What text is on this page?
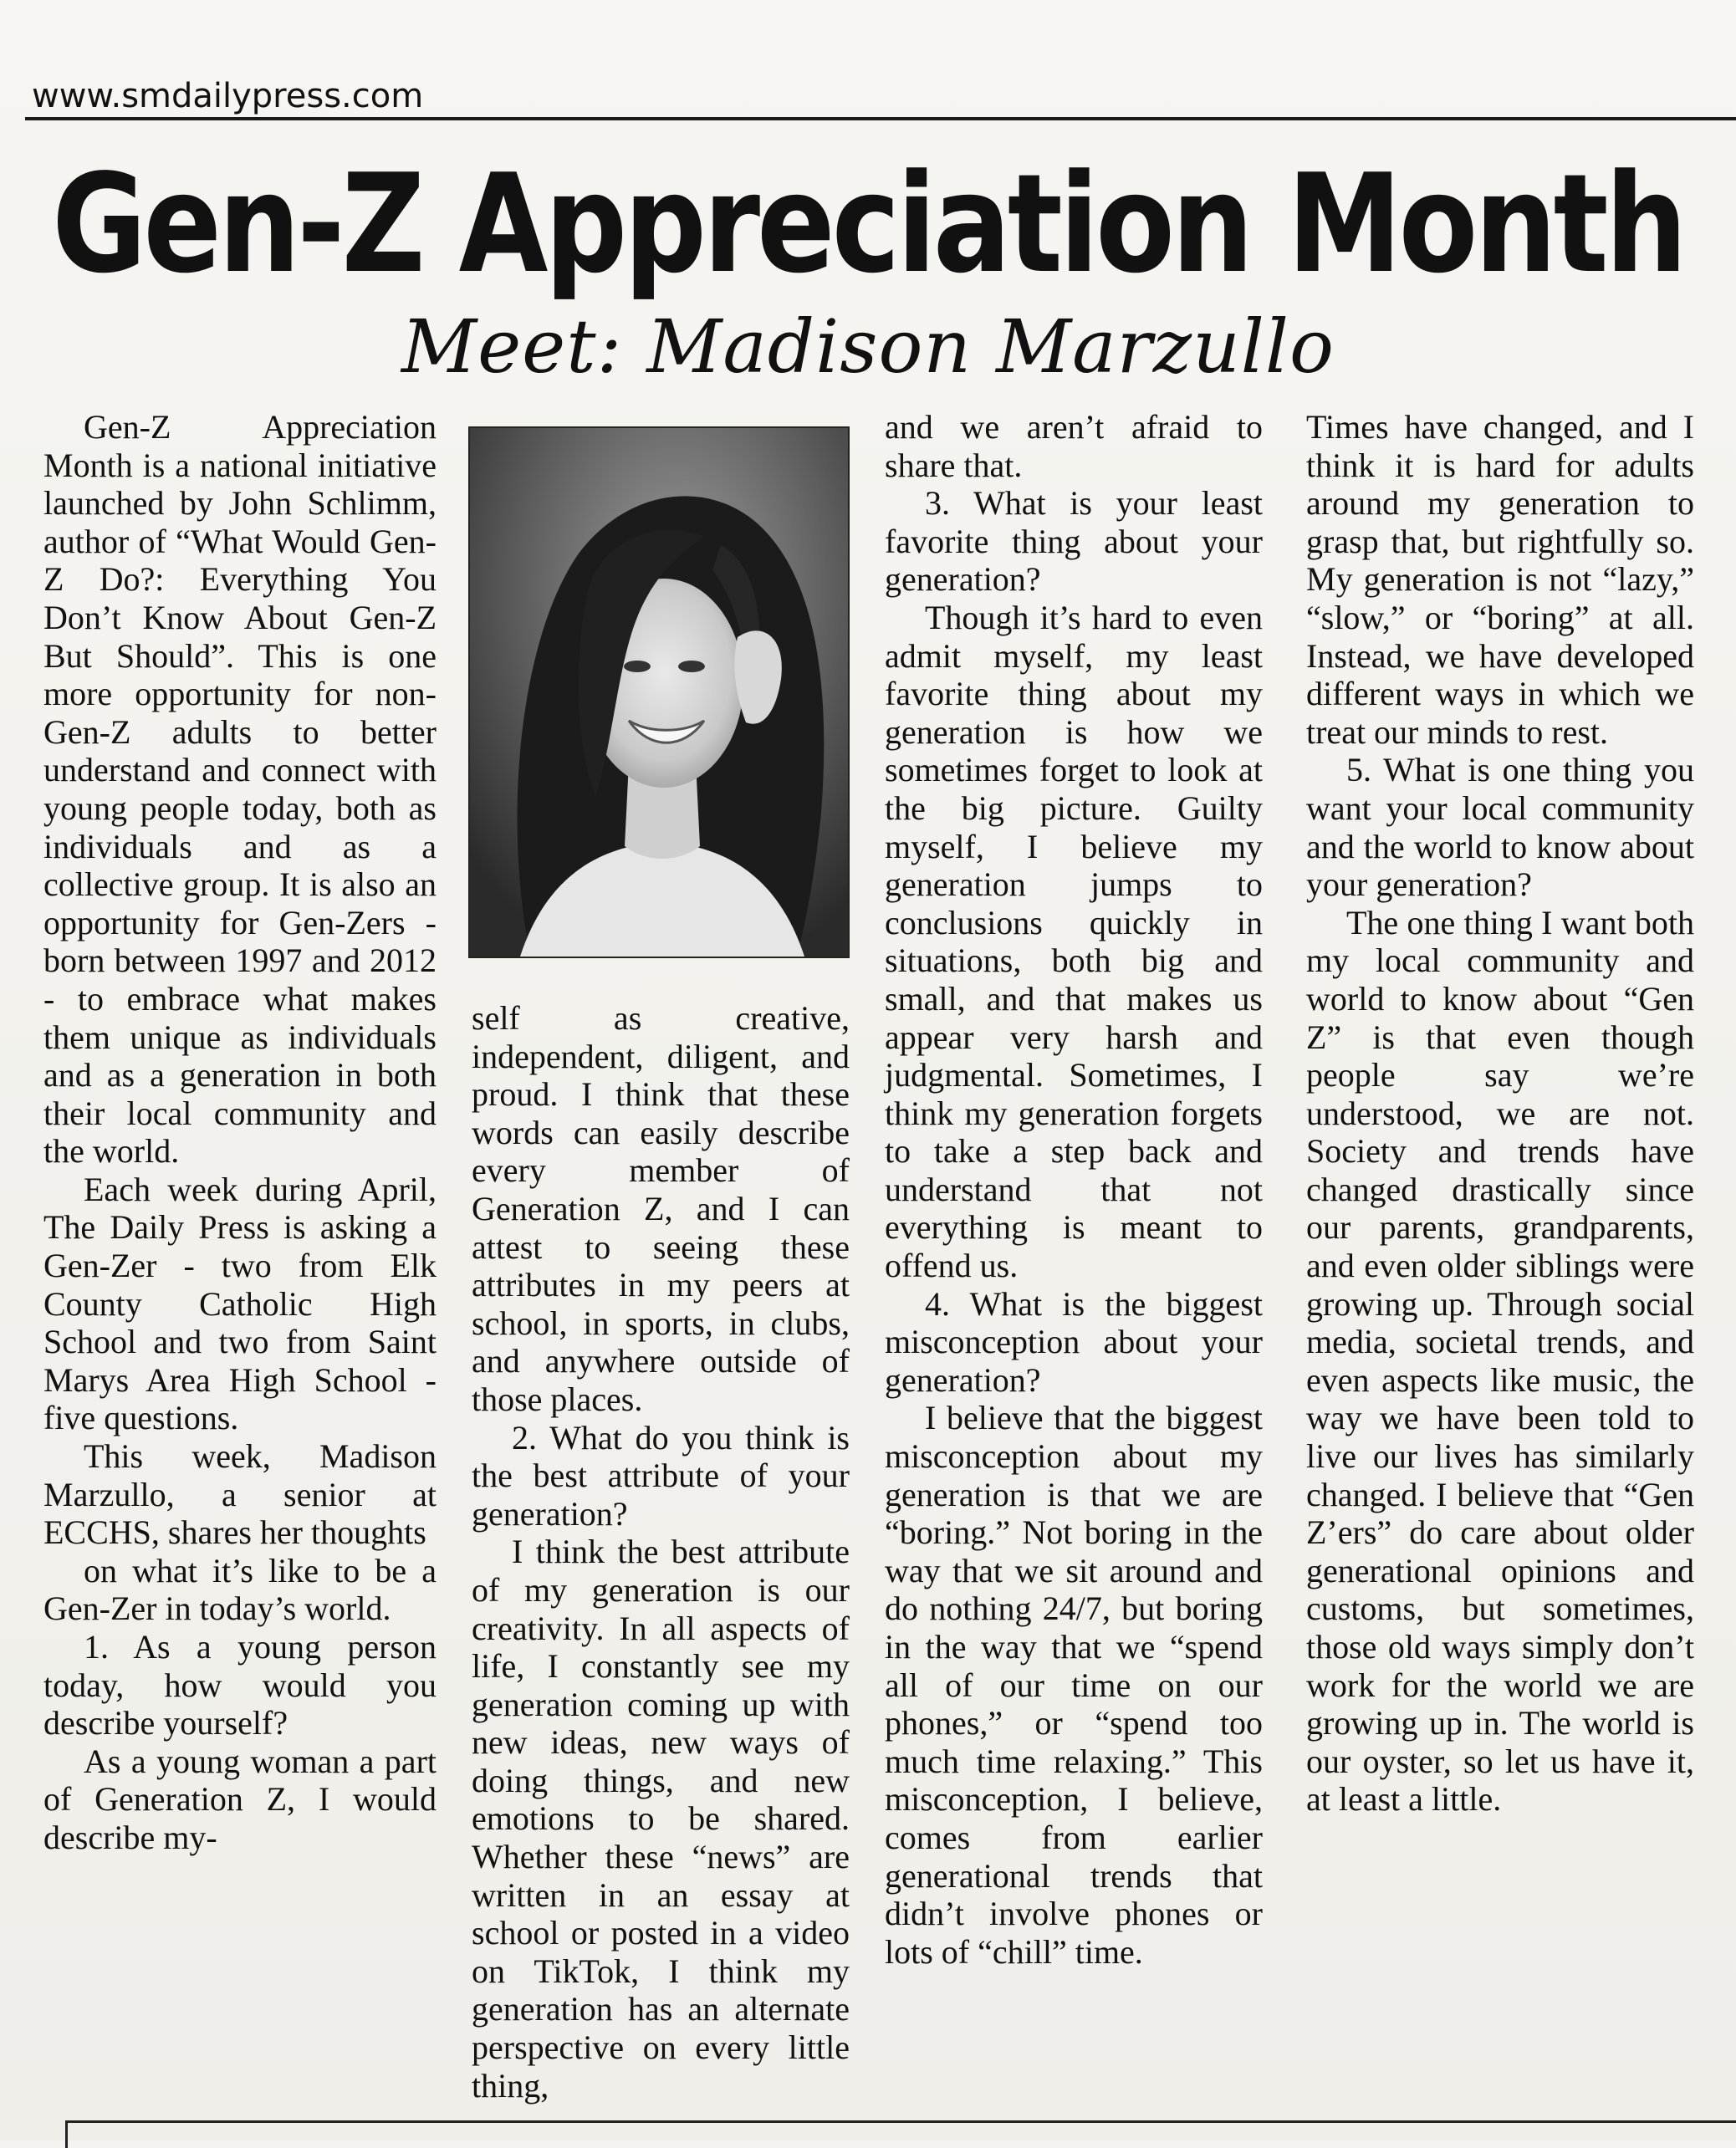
www.smdailypress.com
Gen-Z Appreciation Month
Meet: Madison Marzullo

Gen-Z Appreciation Month is a national initiative launched by John Schlimm, author of “What Would Gen-Z Do?: Everything You Don’t Know About Gen-Z But Should”. This is one more opportunity for non-Gen-Z adults to better understand and connect with young people today, both as individuals and as a collective group. It is also an opportunity for Gen-Zers - born between 1997 and 2012 - to embrace what makes them unique as individuals and as a generation in both their local community and the world.

Each week during April, The Daily Press is asking a Gen-Zer - two from Elk County Catholic High School and two from Saint Marys Area High School - five questions.

This week, Madison Marzullo, a senior at ECCHS, shares her thoughts

on what it’s like to be a Gen-Zer in today’s world.

1. As a young person today, how would you describe yourself?

As a young woman a part of Generation Z, I would describe my-

self as creative, independent, diligent, and proud. I think that these words can easily describe every member of Generation Z, and I can attest to seeing these attributes in my peers at school, in sports, in clubs, and anywhere outside of those places.

2. What do you think is the best attribute of your generation?

I think the best attribute of my generation is our creativity. In all aspects of life, I constantly see my generation coming up with new ideas, new ways of doing things, and new emotions to be shared. Whether these “news” are written in an essay at school or posted in a video on TikTok, I think my generation has an alternate perspective on every little thing,

and we aren’t afraid to share that.

3. What is your least favorite thing about your generation?

Though it’s hard to even admit myself, my least favorite thing about my generation is how we sometimes forget to look at the big picture. Guilty myself, I believe my generation jumps to conclusions quickly in situations, both big and small, and that makes us appear very harsh and judgmental. Sometimes, I think my generation forgets to take a step back and understand that not everything is meant to offend us.

4. What is the biggest misconception about your generation?

I believe that the biggest misconception about my generation is that we are “boring.” Not boring in the way that we sit around and do nothing 24/7, but boring in the way that we “spend all of our time on our phones,” or “spend too much time relaxing.” This misconception, I believe, comes from earlier generational trends that didn’t involve phones or lots of “chill” time.

Times have changed, and I think it is hard for adults around my generation to grasp that, but rightfully so. My generation is not “lazy,” “slow,” or “boring” at all. Instead, we have developed different ways in which we treat our minds to rest.

5. What is one thing you want your local community and the world to know about your generation?

The one thing I want both my local community and world to know about “Gen Z” is that even though people say we’re understood, we are not. Society and trends have changed drastically since our parents, grandparents, and even older siblings were growing up. Through social media, societal trends, and even aspects like music, the way we have been told to live our lives has similarly changed. I believe that “Gen Z’ers” do care about older generational opinions and customs, but sometimes, those old ways simply don’t work for the world we are growing up in. The world is our oyster, so let us have it, at least a little.
